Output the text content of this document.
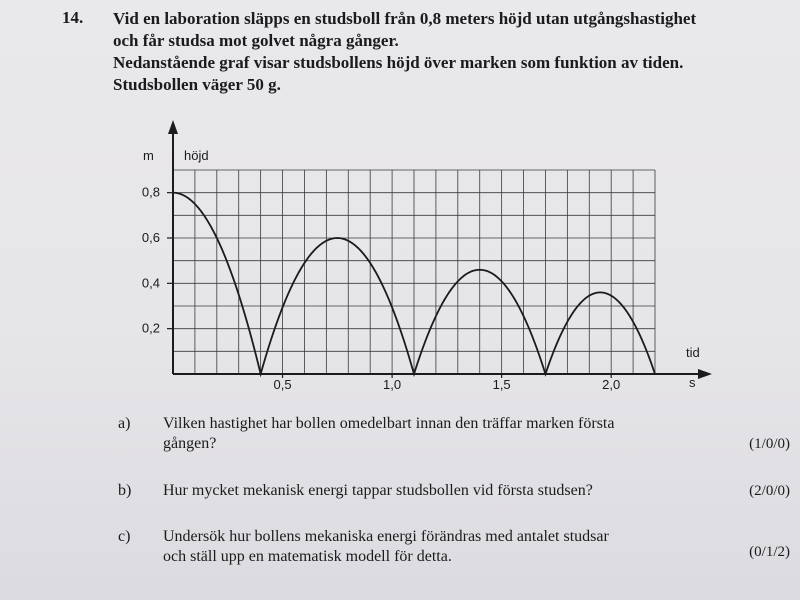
14. Vid en laboration släpps en studsboll från 0,8 meters höjd utan utgångshastighet
och får studsa mot golvet några gånger.
Nedanstående graf visar studsbollens höjd över marken som funktion av tiden.
Studsbollen väger 50 g.
m höjd
tid
s
0,5	1,0	1,5	2,0
0,2
0,4
0,6
0,8
a) Vilken hastighet har bollen omedelbart innan den träffar marken första
gången?	(1/0/0)
b) Hur mycket mekanisk energi tappar studsbollen vid första studsen?	(2/0/0)
c) Undersök hur bollens mekaniska energi förändras med antalet studsar
och ställ upp en matematisk modell för detta.	(0/1/2)
